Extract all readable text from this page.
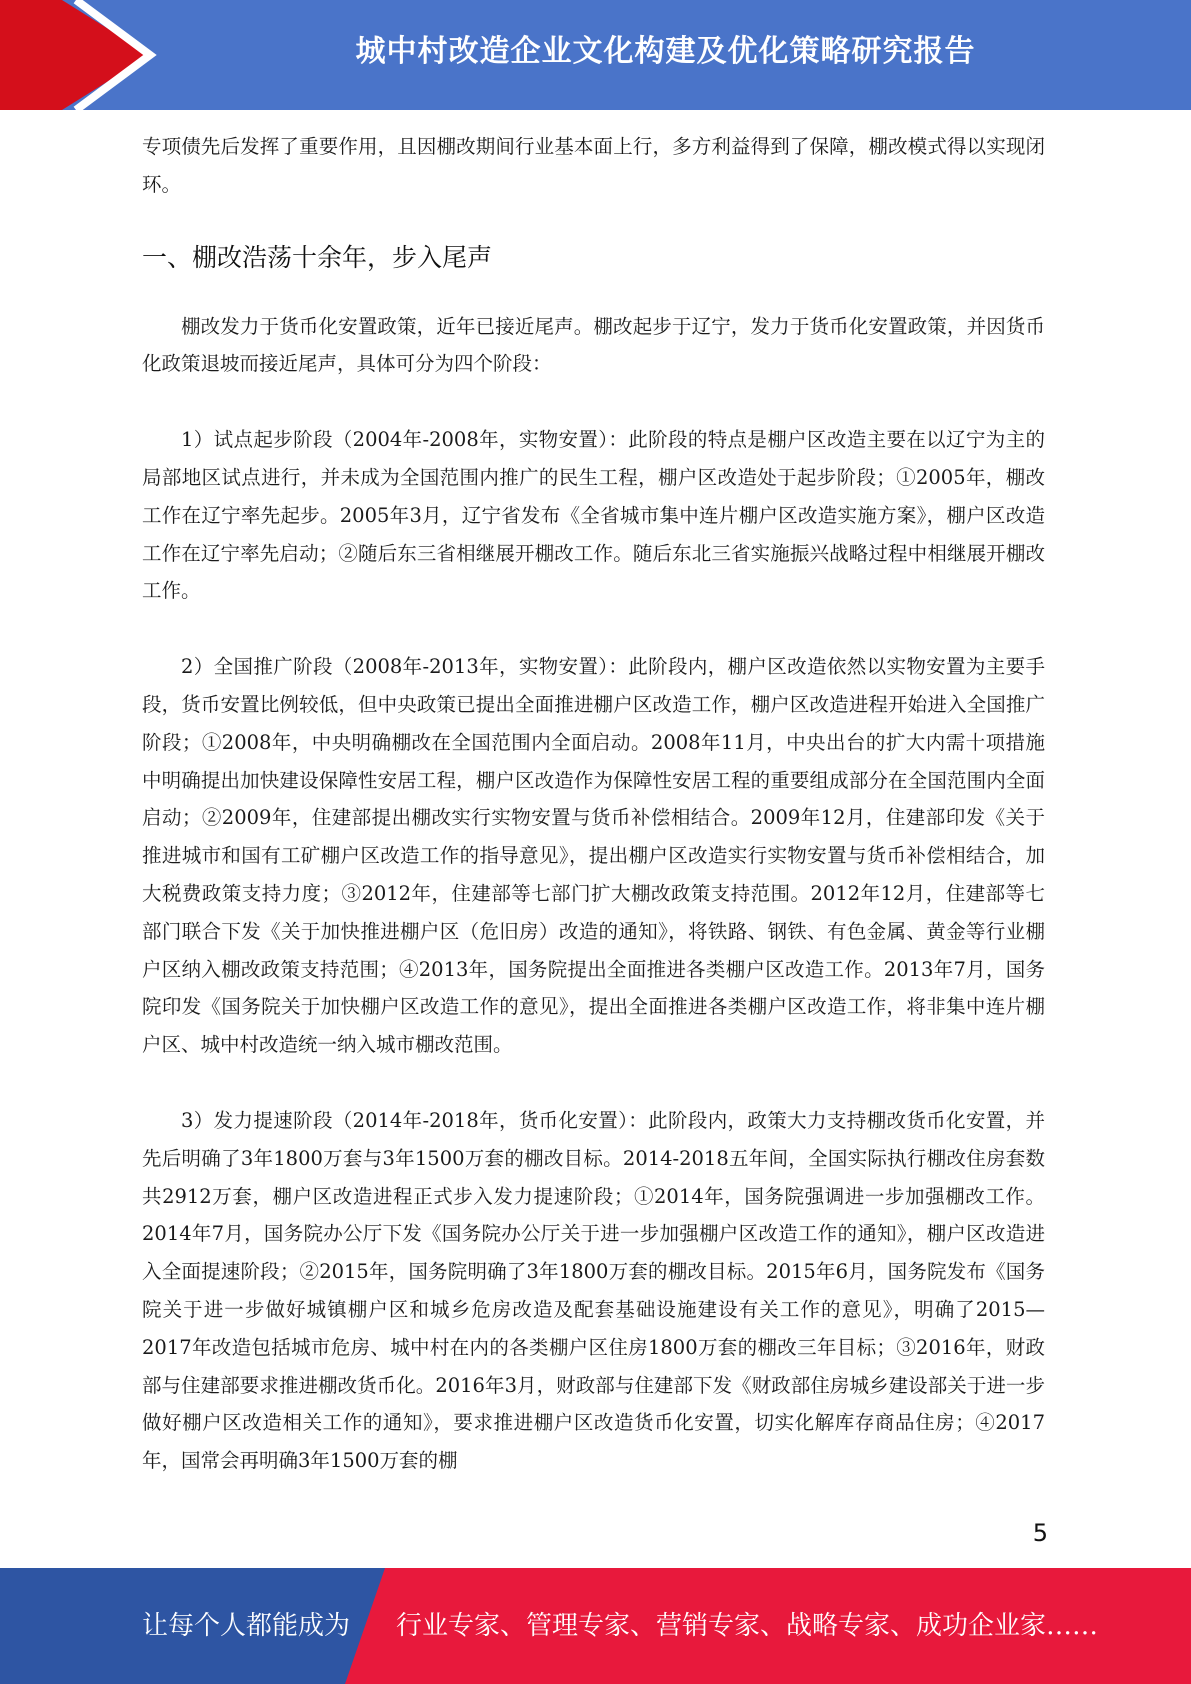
城中村改造企业文化构建及优化策略研究报告

专项债先后发挥了重要作用，且因棚改期间行业基本面上行，多方利益得到了保障，棚改模式得以实现闭环。

一、棚改浩荡十余年，步入尾声

棚改发力于货币化安置政策，近年已接近尾声。棚改起步于辽宁，发力于货币化安置政策，并因货币化政策退坡而接近尾声，具体可分为四个阶段：

1）试点起步阶段（2004年-2008年，实物安置）：此阶段的特点是棚户区改造主要在以辽宁为主的局部地区试点进行，并未成为全国范围内推广的民生工程，棚户区改造处于起步阶段；①2005年，棚改工作在辽宁率先起步。2005年3月，辽宁省发布《全省城市集中连片棚户区改造实施方案》，棚户区改造工作在辽宁率先启动；②随后东三省相继展开棚改工作。随后东北三省实施振兴战略过程中相继展开棚改工作。

2）全国推广阶段（2008年-2013年，实物安置）：此阶段内，棚户区改造依然以实物安置为主要手段，货币安置比例较低，但中央政策已提出全面推进棚户区改造工作，棚户区改造进程开始进入全国推广阶段；①2008年，中央明确棚改在全国范围内全面启动。2008年11月，中央出台的扩大内需十项措施中明确提出加快建设保障性安居工程，棚户区改造作为保障性安居工程的重要组成部分在全国范围内全面启动；②2009年，住建部提出棚改实行实物安置与货币补偿相结合。2009年12月，住建部印发《关于推进城市和国有工矿棚户区改造工作的指导意见》，提出棚户区改造实行实物安置与货币补偿相结合，加大税费政策支持力度；③2012年，住建部等七部门扩大棚改政策支持范围。2012年12月，住建部等七部门联合下发《关于加快推进棚户区（危旧房）改造的通知》，将铁路、钢铁、有色金属、黄金等行业棚户区纳入棚改政策支持范围；④2013年，国务院提出全面推进各类棚户区改造工作。2013年7月，国务院印发《国务院关于加快棚户区改造工作的意见》，提出全面推进各类棚户区改造工作，将非集中连片棚户区、城中村改造统一纳入城市棚改范围。

3）发力提速阶段（2014年-2018年，货币化安置）：此阶段内，政策大力支持棚改货币化安置，并先后明确了3年1800万套与3年1500万套的棚改目标。2014-2018五年间，全国实际执行棚改住房套数共2912万套，棚户区改造进程正式步入发力提速阶段；①2014年，国务院强调进一步加强棚改工作。2014年7月，国务院办公厅下发《国务院办公厅关于进一步加强棚户区改造工作的通知》，棚户区改造进入全面提速阶段；②2015年，国务院明确了3年1800万套的棚改目标。2015年6月，国务院发布《国务院关于进一步做好城镇棚户区和城乡危房改造及配套基础设施建设有关工作的意见》，明确了2015—2017年改造包括城市危房、城中村在内的各类棚户区住房1800万套的棚改三年目标；③2016年，财政部与住建部要求推进棚改货币化。2016年3月，财政部与住建部下发《财政部住房城乡建设部关于进一步做好棚户区改造相关工作的通知》，要求推进棚户区改造货币化安置，切实化解库存商品住房；④2017年，国常会再明确3年1500万套的棚

5
让每个人都能成为 行业专家、管理专家、营销专家、战略专家、成功企业家……
